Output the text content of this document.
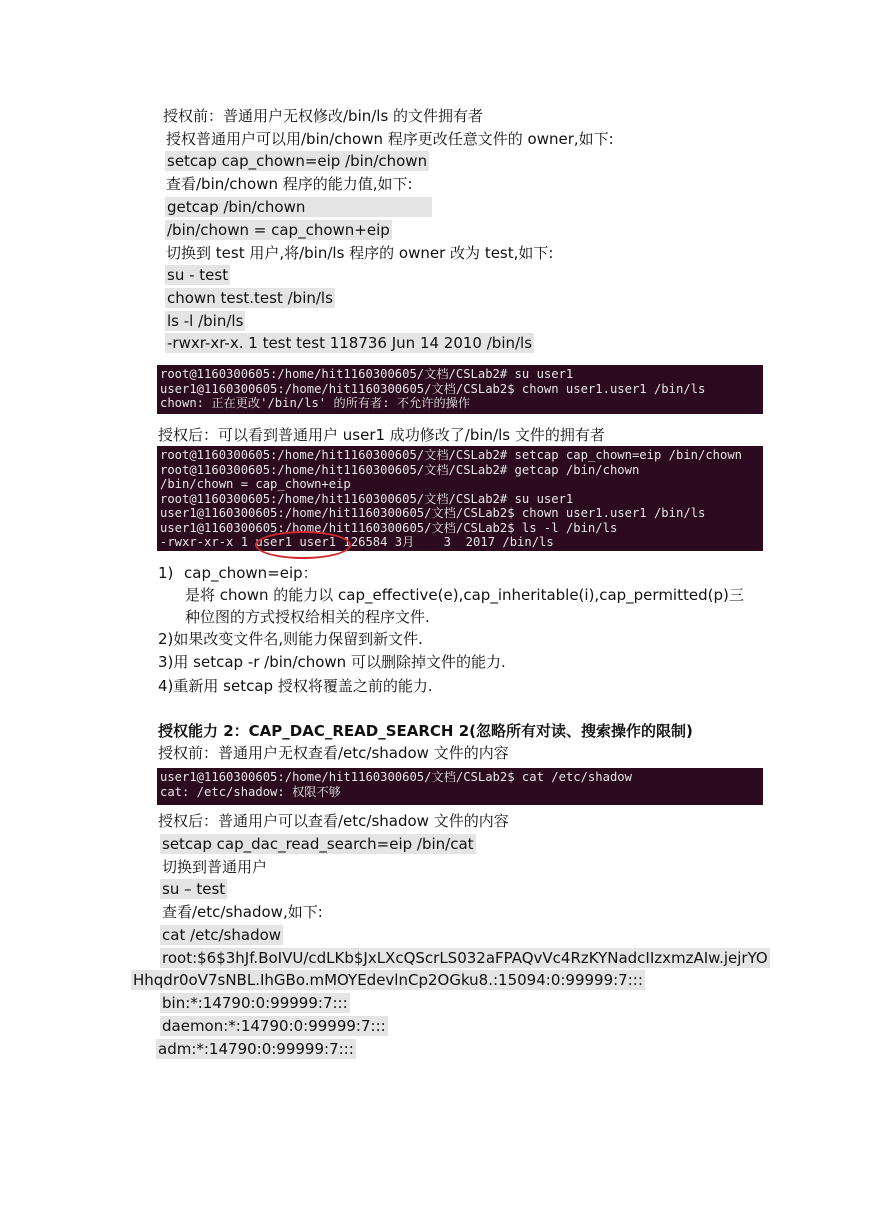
授权前：普通用户无权修改/bin/ls 的文件拥有者
授权普通用户可以用/bin/chown 程序更改任意文件的 owner,如下:
setcap cap_chown=eip /bin/chown
查看/bin/chown 程序的能力值,如下:
getcap /bin/chown
/bin/chown = cap_chown+eip
切换到 test 用户,将/bin/ls 程序的 owner 改为 test,如下:
su - test
chown test.test /bin/ls
ls -l /bin/ls
-rwxr-xr-x. 1 test test 118736 Jun 14 2010 /bin/ls
root@1160300605:/home/hit1160300605/文档/CSLab2# su user1
user1@1160300605:/home/hit1160300605/文档/CSLab2$ chown user1.user1 /bin/ls
chown: 正在更改'/bin/ls' 的所有者: 不允许的操作
授权后：可以看到普通用户 user1 成功修改了/bin/ls 文件的拥有者
root@1160300605:/home/hit1160300605/文档/CSLab2# setcap cap_chown=eip /bin/chown
root@1160300605:/home/hit1160300605/文档/CSLab2# getcap /bin/chown
/bin/chown = cap_chown+eip
root@1160300605:/home/hit1160300605/文档/CSLab2# su user1
user1@1160300605:/home/hit1160300605/文档/CSLab2$ chown user1.user1 /bin/ls
user1@1160300605:/home/hit1160300605/文档/CSLab2$ ls -l /bin/ls
-rwxr-xr-x 1 user1 user1 126584 3月    3  2017 /bin/ls
1) cap_chown=eip：
是将 chown 的能力以 cap_effective(e),cap_inheritable(i),cap_permitted(p)三
种位图的方式授权给相关的程序文件.
2)如果改变文件名,则能力保留到新文件.
3)用 setcap -r /bin/chown 可以删除掉文件的能力.
4)重新用 setcap 授权将覆盖之前的能力.
授权能力 2：CAP_DAC_READ_SEARCH 2(忽略所有对读、搜索操作的限制)
授权前：普通用户无权查看/etc/shadow 文件的内容
user1@1160300605:/home/hit1160300605/文档/CSLab2$ cat /etc/shadow
cat: /etc/shadow: 权限不够
授权后：普通用户可以查看/etc/shadow 文件的内容
setcap cap_dac_read_search=eip /bin/cat
切换到普通用户
su – test
查看/etc/shadow,如下:
cat /etc/shadow
root:$6$3hJf.BoIVU/cdLKb$JxLXcQScrLS032aFPAQvVc4RzKYNadcIIzxmzAIw.jejrYO
Hhqdr0oV7sNBL.IhGBo.mMOYEdevlnCp2OGku8.:15094:0:99999:7:::
bin:*:14790:0:99999:7:::
daemon:*:14790:0:99999:7:::
adm:*:14790:0:99999:7:::
